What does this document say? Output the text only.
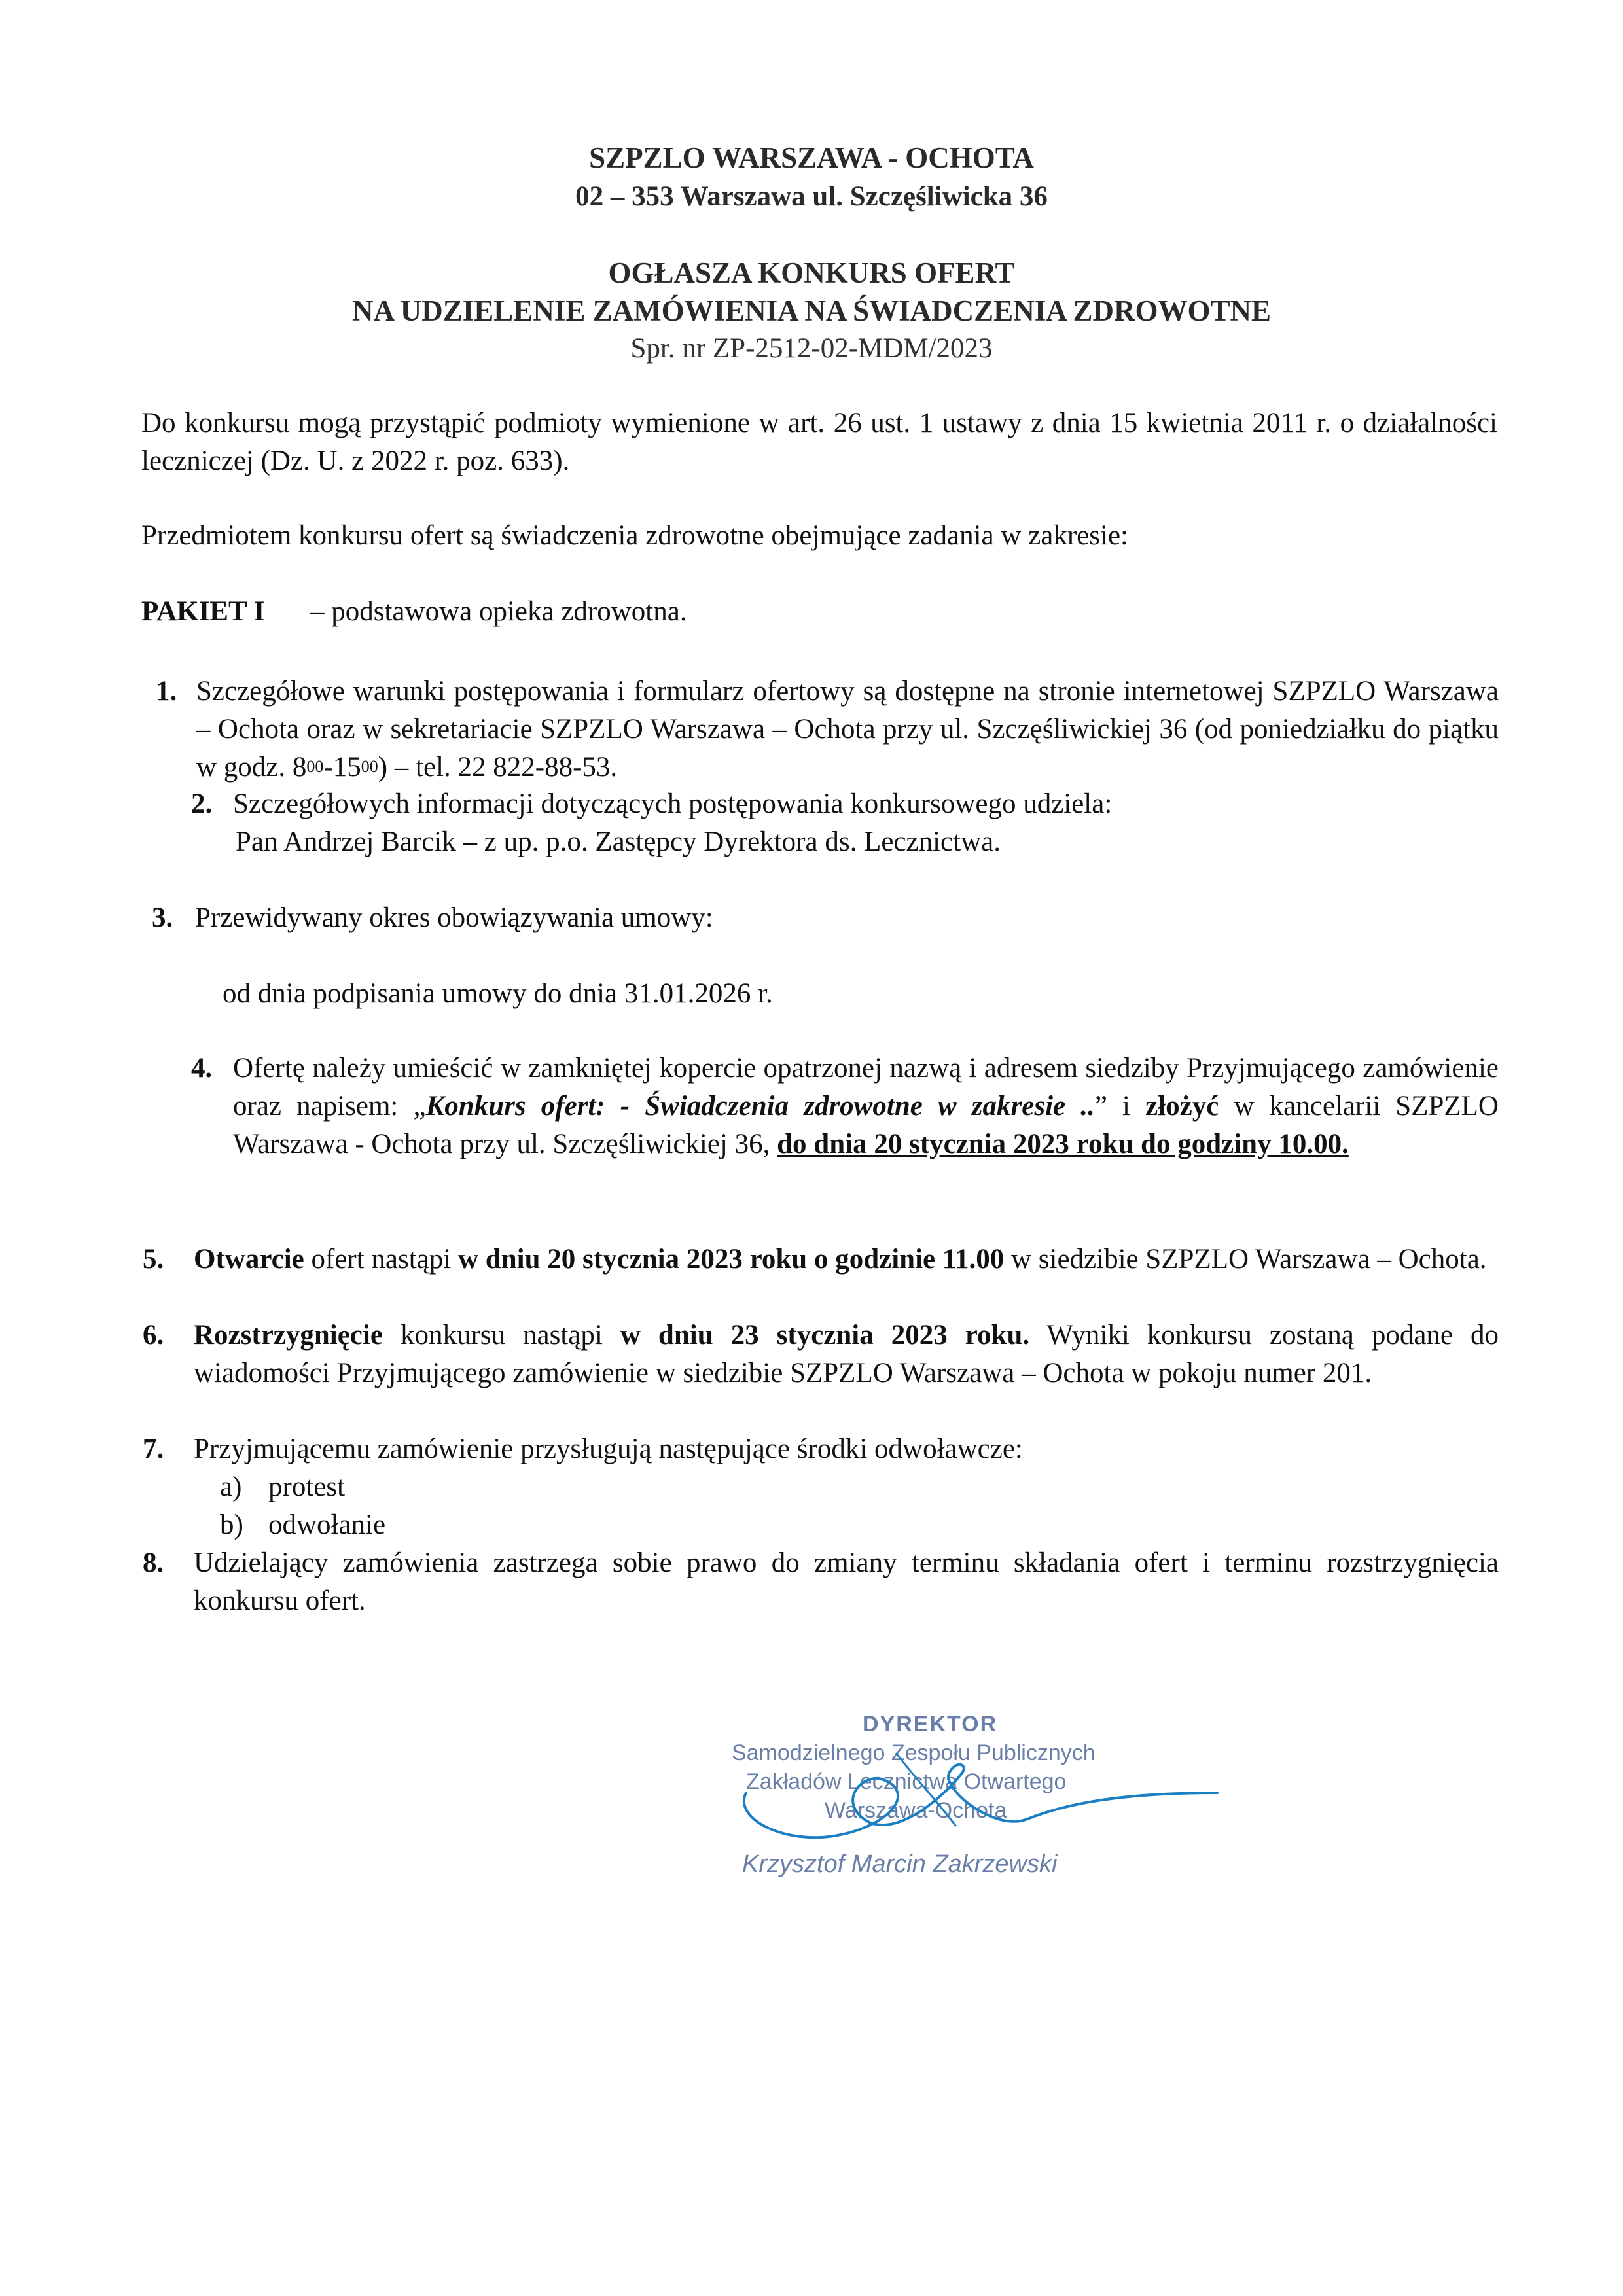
SZPZLO WARSZAWA - OCHOTA
02 – 353 Warszawa ul. Szczęśliwicka 36
OGŁASZA KONKURS OFERT
NA UDZIELENIE ZAMÓWIENIA NA ŚWIADCZENIA ZDROWOTNE
Spr. nr ZP-2512-02-MDM/2023
Do konkursu mogą przystąpić podmioty wymienione w art. 26 ust. 1 ustawy z dnia 15 kwietnia 2011 r. o działalności leczniczej (Dz. U. z 2022 r. poz. 633).
Przedmiotem konkursu ofert są świadczenia zdrowotne obejmujące zadania w zakresie:
PAKIET I – podstawowa opieka zdrowotna.
1. Szczegółowe warunki postępowania i formularz ofertowy są dostępne na stronie internetowej SZPZLO Warszawa – Ochota oraz w sekretariacie SZPZLO Warszawa – Ochota przy ul. Szczęśliwickiej 36 (od poniedziałku do piątku w godz. $8^{00}-15^{00}$) – tel. 22 822-88-53.
2. Szczegółowych informacji dotyczących postępowania konkursowego udziela:
Pan Andrzej Barcik – z up. p.o. Zastępcy Dyrektora ds. Lecznictwa.
3. Przewidywany okres obowiązywania umowy:
od dnia podpisania umowy do dnia 31.01.2026 r.
4. Ofertę należy umieścić w zamkniętej kopercie opatrzonej nazwą i adresem siedziby Przyjmującego zamówienie oraz napisem: „Konkurs ofert: - Świadczenia zdrowotne w zakresie ..” i złożyć w kancelarii SZPZLO Warszawa - Ochota przy ul. Szczęśliwickiej 36, do dnia 20 stycznia 2023 roku do godziny 10.00.
5. Otwarcie ofert nastąpi w dniu 20 stycznia 2023 roku o godzinie 11.00 w siedzibie SZPZLO Warszawa – Ochota.
6. Rozstrzygnięcie konkursu nastąpi w dniu 23 stycznia 2023 roku. Wyniki konkursu zostaną podane do wiadomości Przyjmującego zamówienie w siedzibie SZPZLO Warszawa – Ochota w pokoju numer 201.
7. Przyjmującemu zamówienie przysługują następujące środki odwoławcze:
a) protest
b) odwołanie
8. Udzielający zamówienia zastrzega sobie prawo do zmiany terminu składania ofert i terminu rozstrzygnięcia konkursu ofert.
DYREKTOR
Samodzielnego Zespołu Publicznych
Zakładów Lecznictwa Otwartego
Warszawa-Ochota
Krzysztof Marcin Zakrzewski
